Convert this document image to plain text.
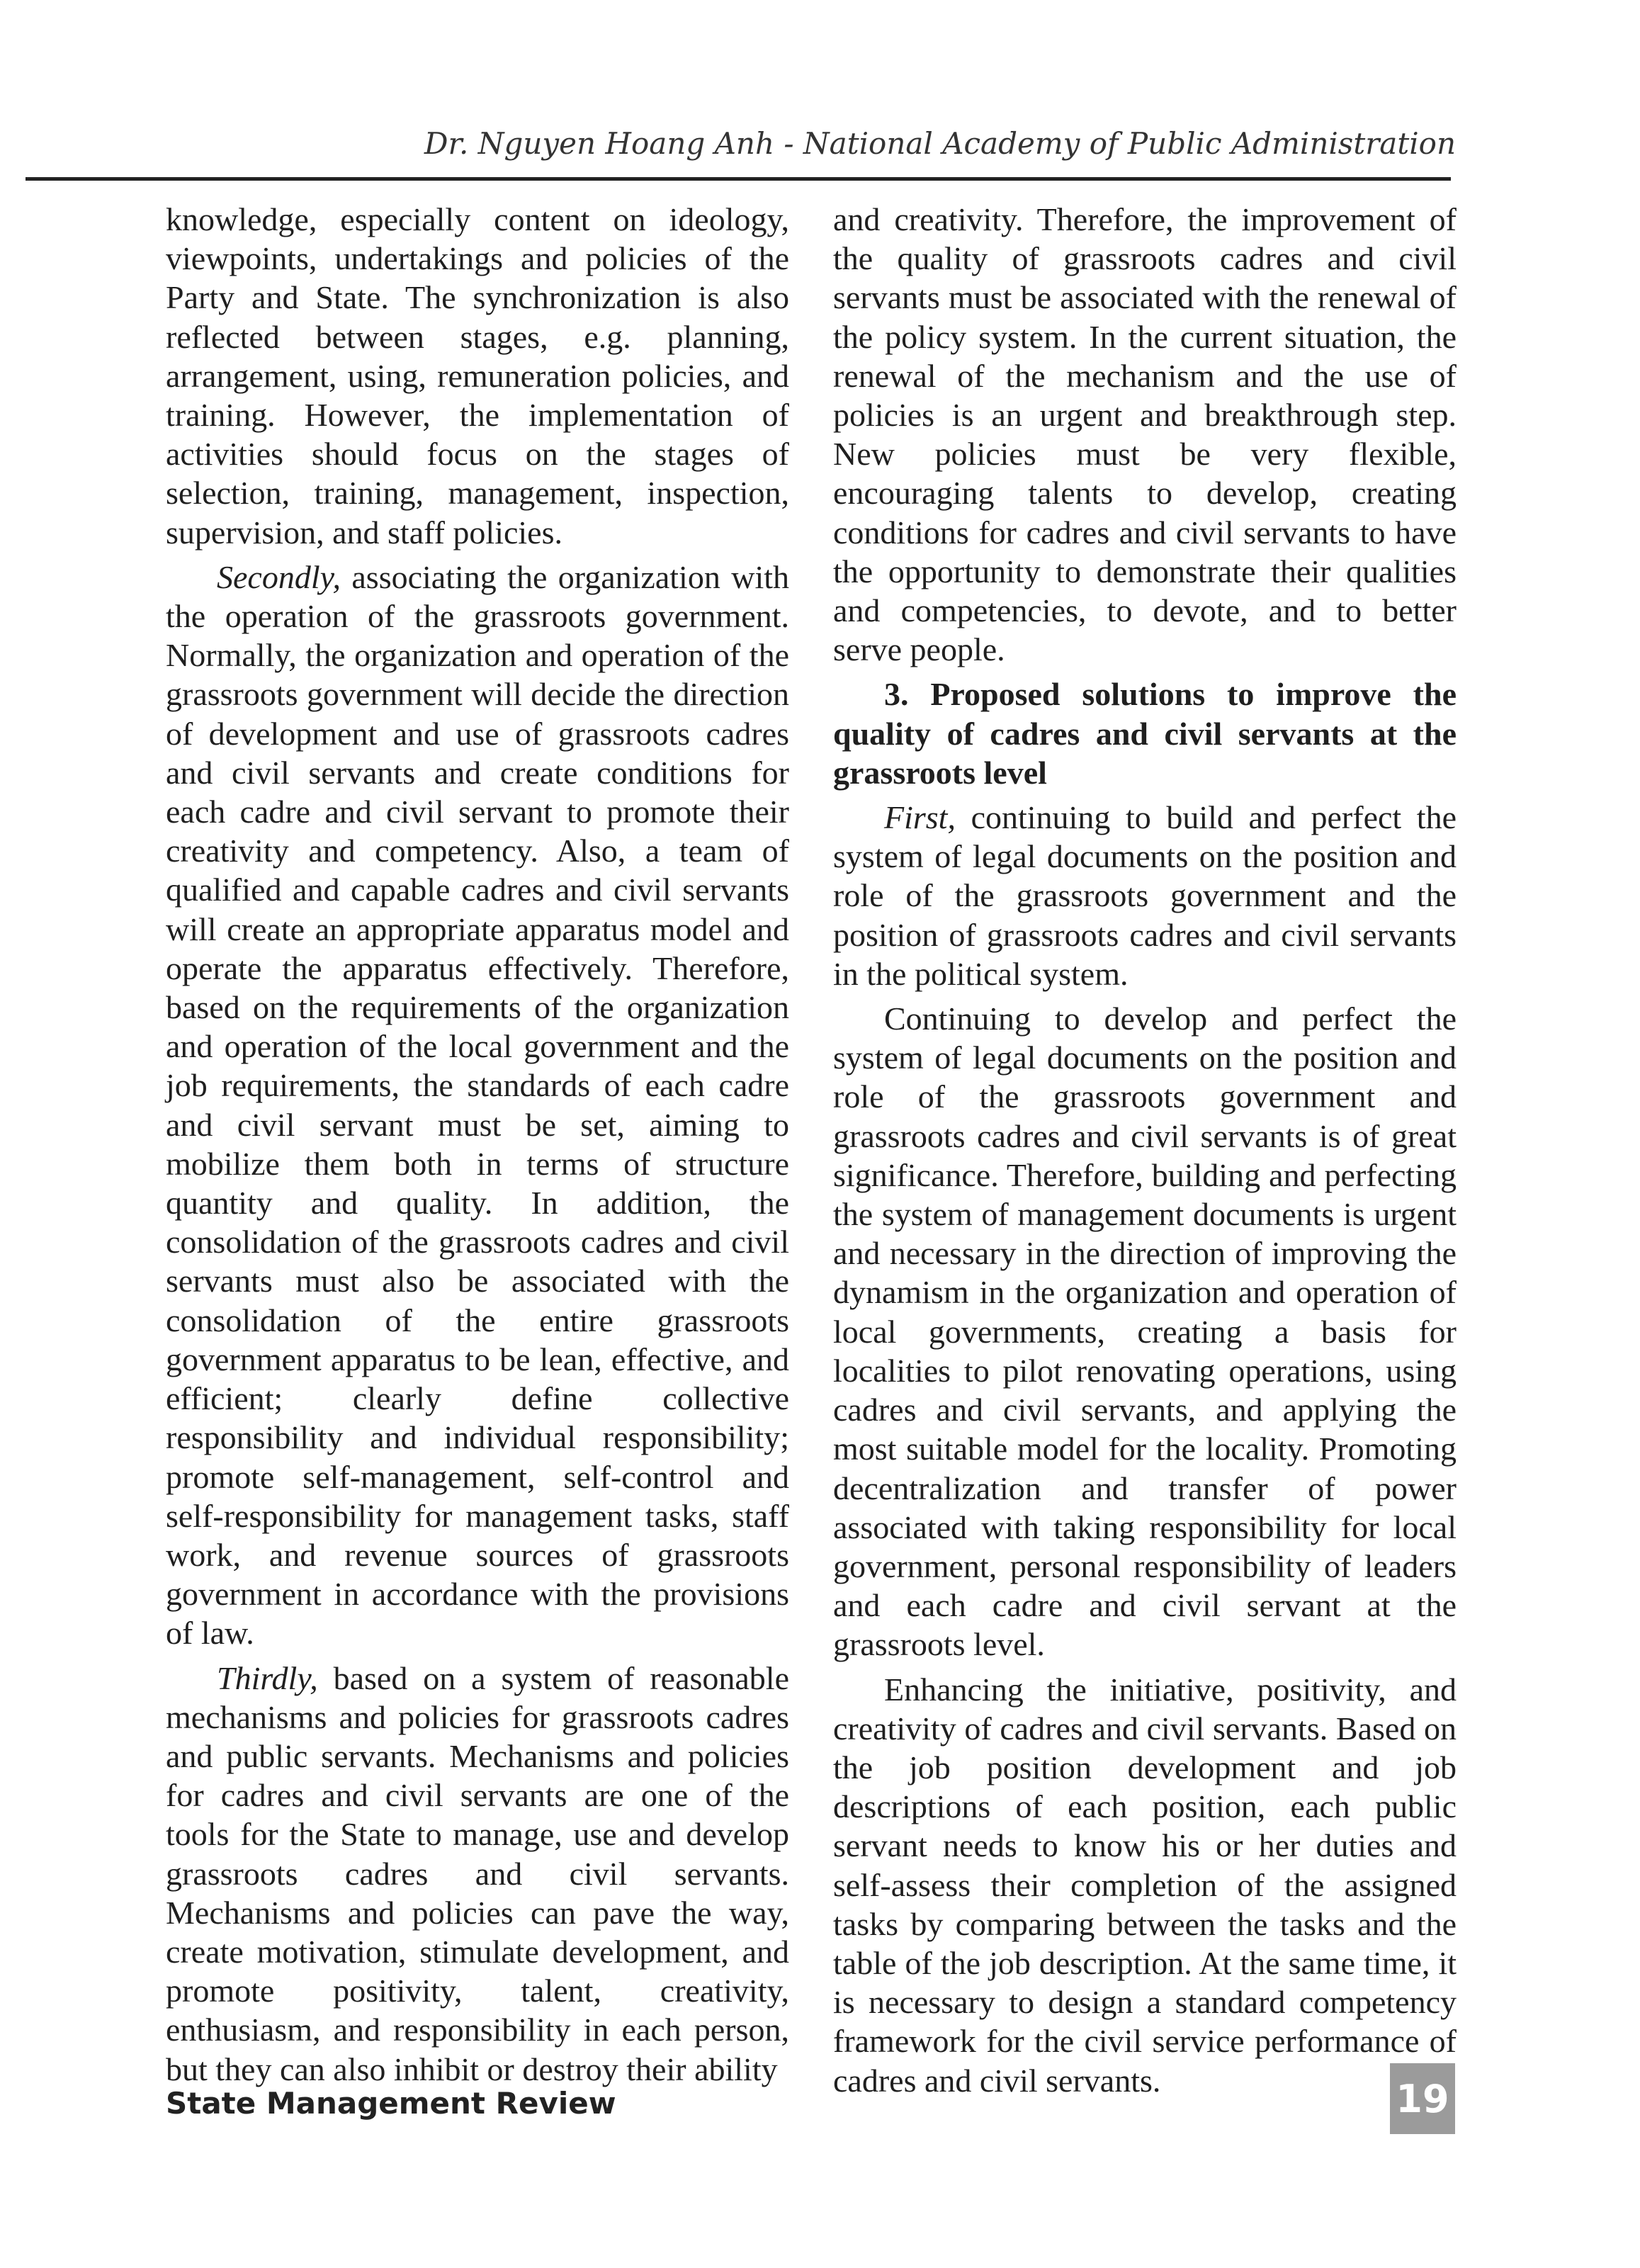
Dr. Nguyen Hoang Anh - National Academy of Public Administration

knowledge, especially content on ideology, viewpoints, undertakings and policies of the Party and State. The synchronization is also reflected between stages, e.g. planning, arrangement, using, remuneration policies, and training. However, the implementation of activities should focus on the stages of selection, training, management, inspection, supervision, and staff policies.

Secondly, associating the organization with the operation of the grassroots government. Normally, the organization and operation of the grassroots government will decide the direction of development and use of grassroots cadres and civil servants and create conditions for each cadre and civil servant to promote their creativity and competency. Also, a team of qualified and capable cadres and civil servants will create an appropriate apparatus model and operate the apparatus effectively. Therefore, based on the requirements of the organization and operation of the local government and the job requirements, the standards of each cadre and civil servant must be set, aiming to mobilize them both in terms of structure quantity and quality. In addition, the consolidation of the grassroots cadres and civil servants must also be associated with the consolidation of the entire grassroots government apparatus to be lean, effective, and efficient; clearly define collective responsibility and individual responsibility; promote self-management, self-control and self-responsibility for management tasks, staff work, and revenue sources of grassroots government in accordance with the provisions of law.

Thirdly, based on a system of reasonable mechanisms and policies for grassroots cadres and public servants. Mechanisms and policies for cadres and civil servants are one of the tools for the State to manage, use and develop grassroots cadres and civil servants. Mechanisms and policies can pave the way, create motivation, stimulate development, and promote positivity, talent, creativity, enthusiasm, and responsibility in each person, but they can also inhibit or destroy their ability

and creativity. Therefore, the improvement of the quality of grassroots cadres and civil servants must be associated with the renewal of the policy system. In the current situation, the renewal of the mechanism and the use of policies is an urgent and breakthrough step. New policies must be very flexible, encouraging talents to develop, creating conditions for cadres and civil servants to have the opportunity to demonstrate their qualities and competencies, to devote, and to better serve people.

3. Proposed solutions to improve the quality of cadres and civil servants at the grassroots level

First, continuing to build and perfect the system of legal documents on the position and role of the grassroots government and the position of grassroots cadres and civil servants in the political system.

Continuing to develop and perfect the system of legal documents on the position and role of the grassroots government and grassroots cadres and civil servants is of great significance. Therefore, building and perfecting the system of management documents is urgent and necessary in the direction of improving the dynamism in the organization and operation of local governments, creating a basis for localities to pilot renovating operations, using cadres and civil servants, and applying the most suitable model for the locality. Promoting decentralization and transfer of power associated with taking responsibility for local government, personal responsibility of leaders and each cadre and civil servant at the grassroots level.

Enhancing the initiative, positivity, and creativity of cadres and civil servants. Based on the job position development and job descriptions of each position, each public servant needs to know his or her duties and self-assess their completion of the assigned tasks by comparing between the tasks and the table of the job description. At the same time, it is necessary to design a standard competency framework for the civil service performance of cadres and civil servants.

State Management Review	19
